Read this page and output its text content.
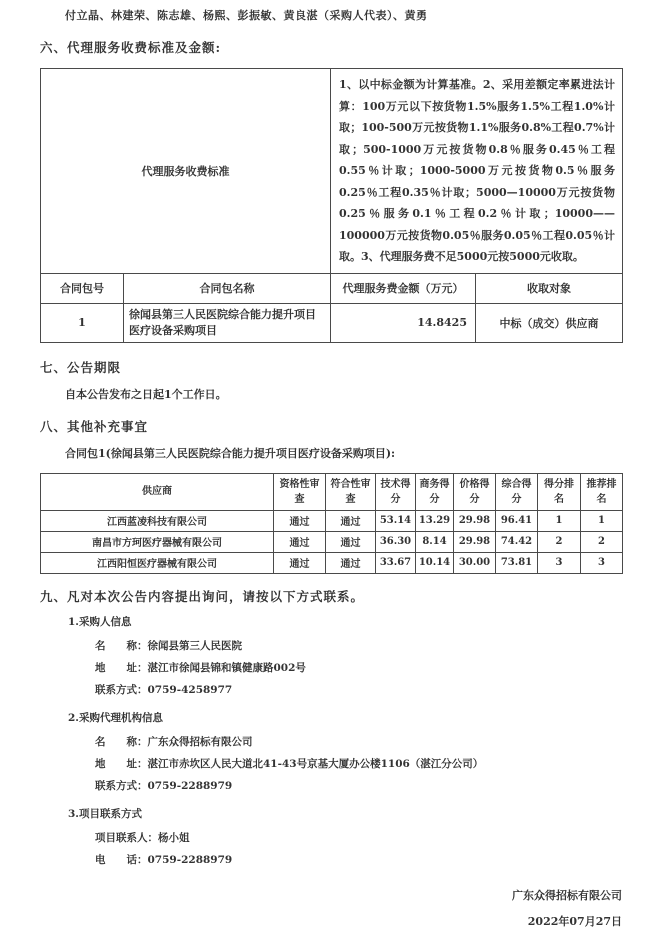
付立晶、林建荣、陈志雄、杨熙、彭振敏、黄良湛（采购人代表）、黄勇
六、代理服务收费标准及金额:
代理服务收费标准		1、以中标金额为计算基准。2、采用差额定率累进法计算：100万元以下按货物1.5%服务1.5%工程1.0%计取；100-500万元按货物1.1%服务0.8%工程0.7%计取；500-1000万元按货物0.8％服务0.45％工程0.55％计取；1000-5000万元按货物0.5％服务0.25％工程0.35％计取；5000—10000万元按货物0.25％服务0.1％工程0.2％计取；10000——100000万元按货物0.05％服务0.05％工程0.05％计取。3、代理服务费不足5000元按5000元收取。	
合同包号	合同包名称	代理服务费金额（万元）	收取对象
1	徐闻县第三人民医院综合能力提升项目医疗设备采购项目	14.8425	中标（成交）供应商
七、公告期限
自本公告发布之日起1个工作日。
八、其他补充事宜
合同包1(徐闻县第三人民医院综合能力提升项目医疗设备采购项目):
供应商	资格性审查	符合性审查	技术得分	商务得分	价格得分	综合得分	得分排名	推荐排名
江西蓝凌科技有限公司	通过	通过	53.14	13.29	29.98	96.41	1	1
南昌市方珂医疗器械有限公司	通过	通过	36.30	8.14	29.98	74.42	2	2
江西阳恒医疗器械有限公司	通过	通过	33.67	10.14	30.00	73.81	3	3
九、凡对本次公告内容提出询问，请按以下方式联系。
1.采购人信息
名　　称：徐闻县第三人民医院
地　　址：湛江市徐闻县锦和镇健康路002号
联系方式：0759-4258977
2.采购代理机构信息
名　　称：广东众得招标有限公司
地　　址：湛江市赤坎区人民大道北41-43号京基大厦办公楼1106（湛江分公司）
联系方式：0759-2288979
3.项目联系方式
项目联系人：杨小姐
电　　话：0759-2288979
广东众得招标有限公司
2022年07月27日
